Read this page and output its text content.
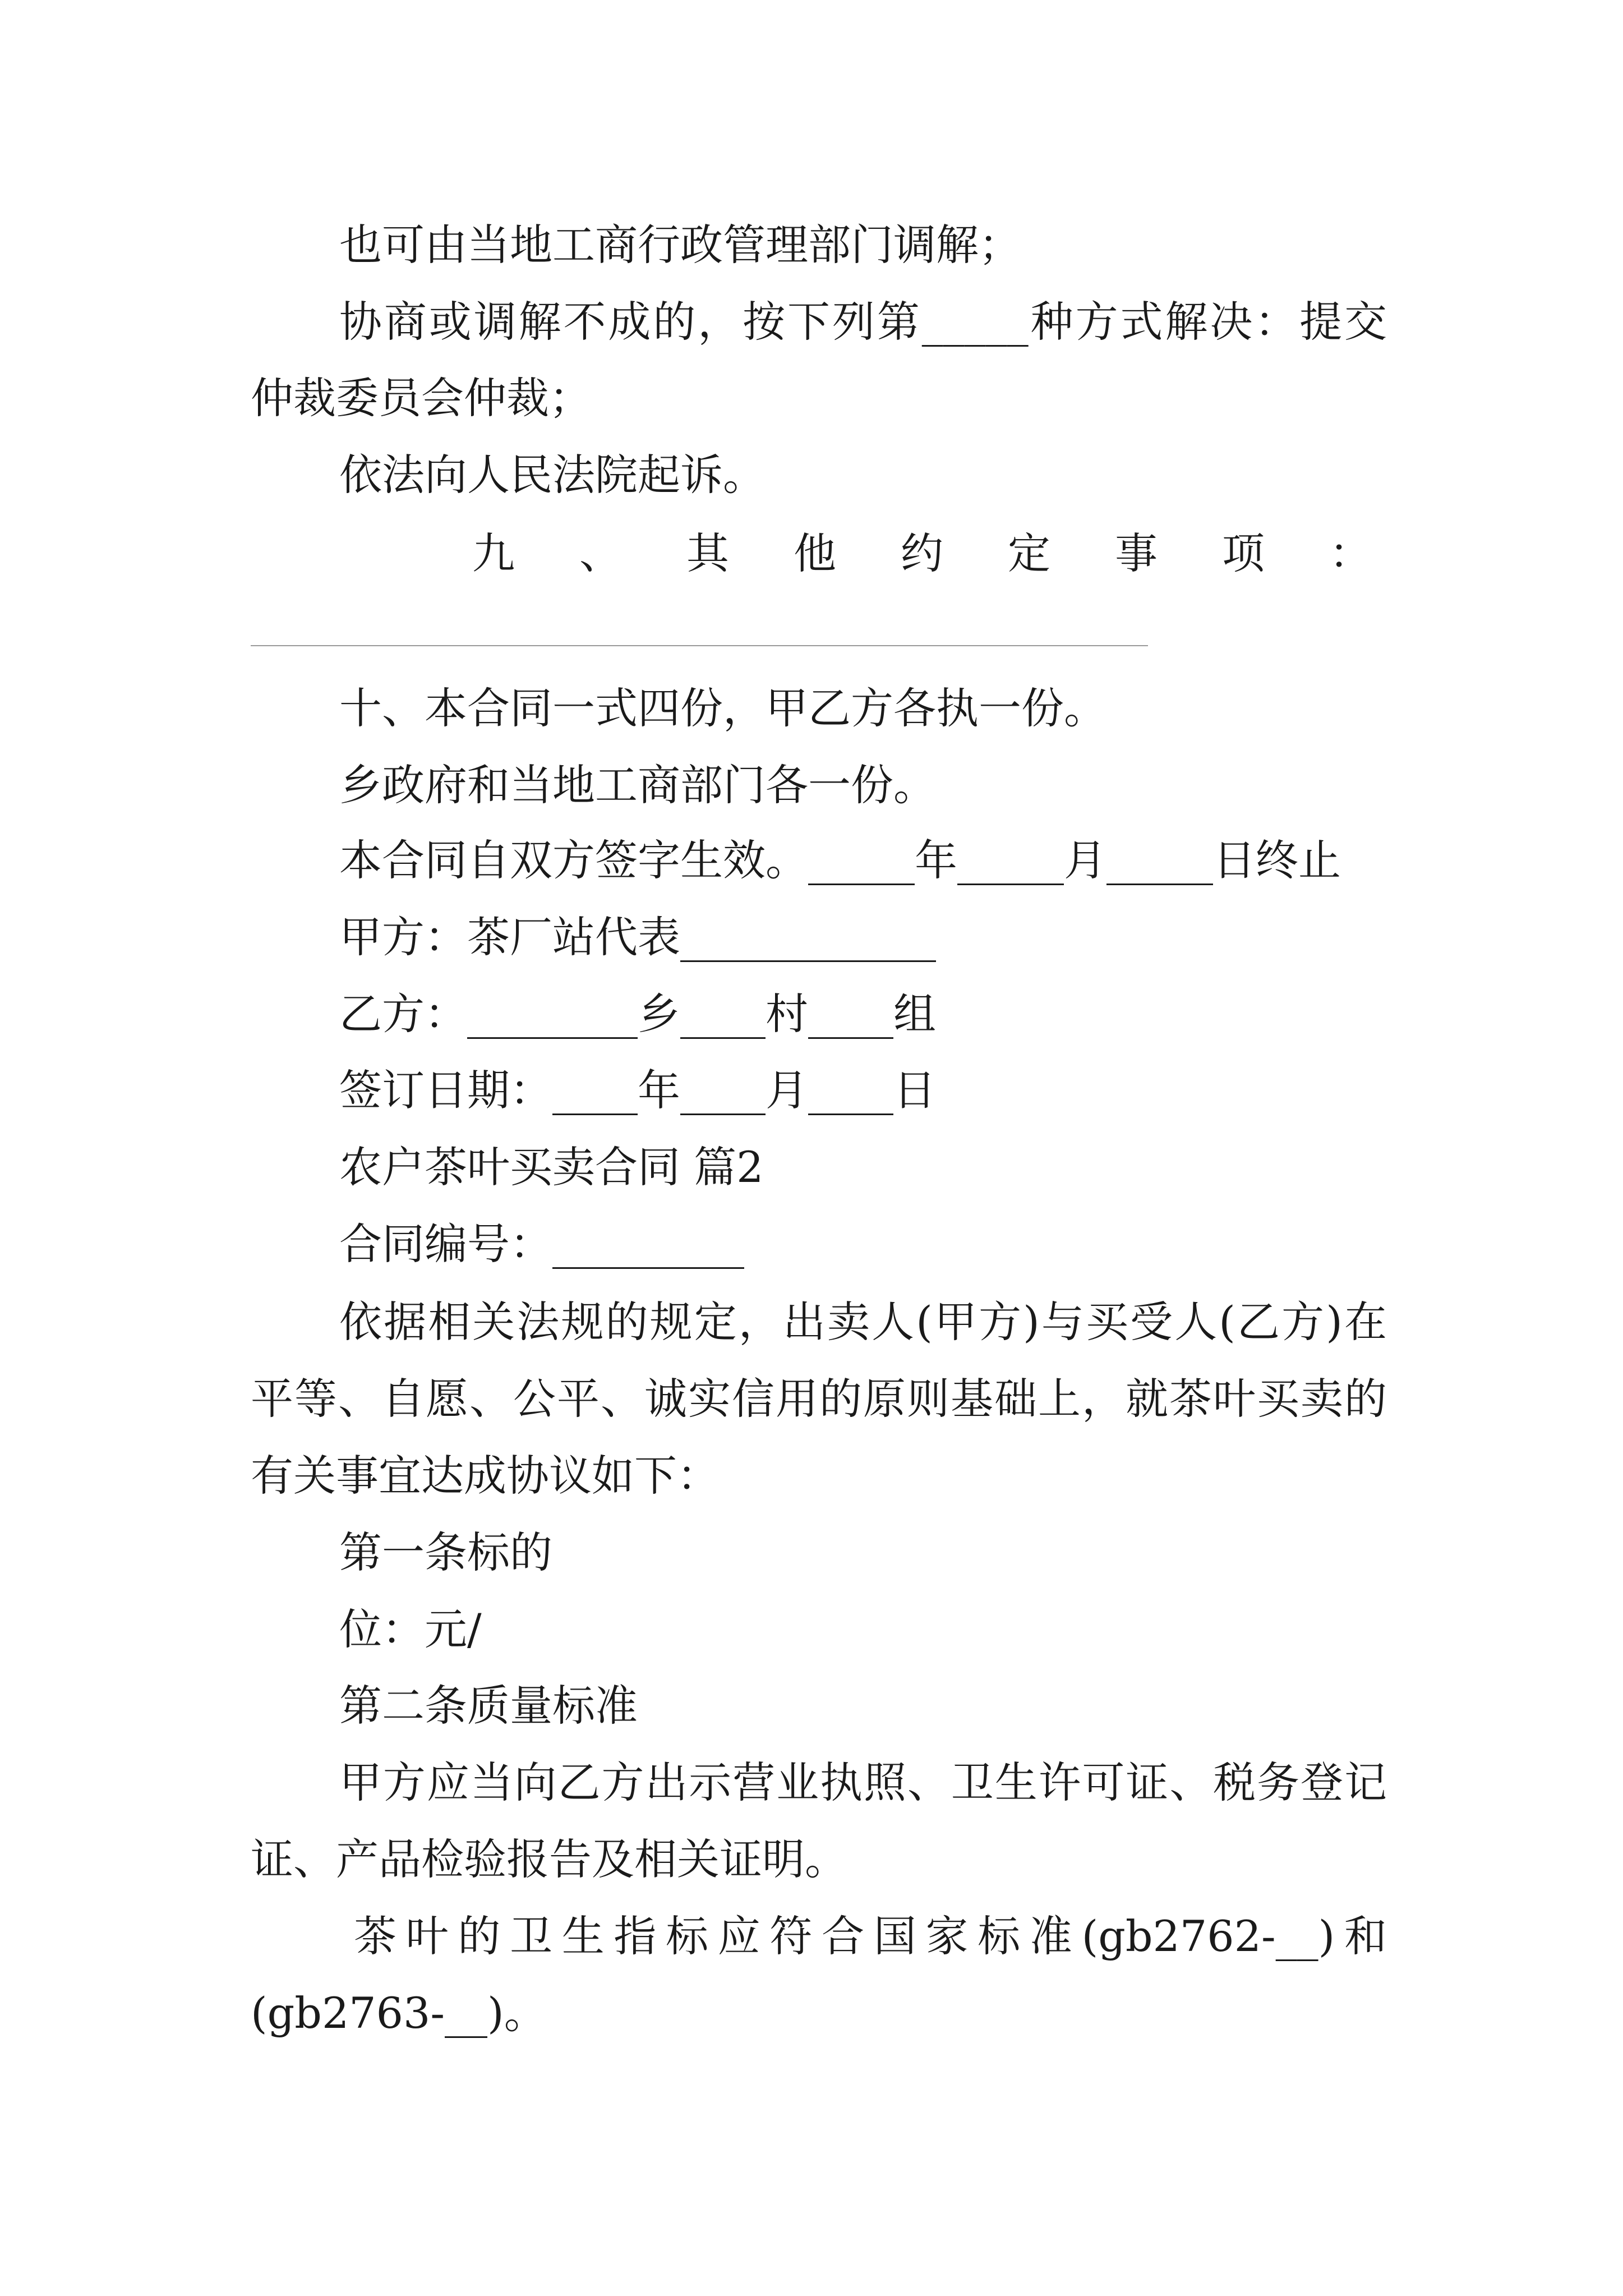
也可由当地工商行政管理部门调解；
协商或调解不成的，按下列第_____种方式解决：提交
仲裁委员会仲裁；
依法向人民法院起诉。
九、其他约定事项：
十、本合同一式四份，甲乙方各执一份。
乡政府和当地工商部门各一份。
本合同自双方签字生效。_____年_____月_____日终止
甲方：茶厂站代表____________
乙方：________乡____村____组
签订日期：____年____月____日
农户茶叶买卖合同 篇2
合同编号：_________
依据相关法规的规定，出卖人(甲方)与买受人(乙方)在
平等、自愿、公平、诚实信用的原则基础上，就茶叶买卖的
有关事宜达成协议如下：
第一条标的
位：元/
第二条质量标准
甲方应当向乙方出示营业执照、卫生许可证、税务登记
证、产品检验报告及相关证明。
茶叶的卫生指标应符合国家标准(gb2762-__)和
(gb2763-__)。
